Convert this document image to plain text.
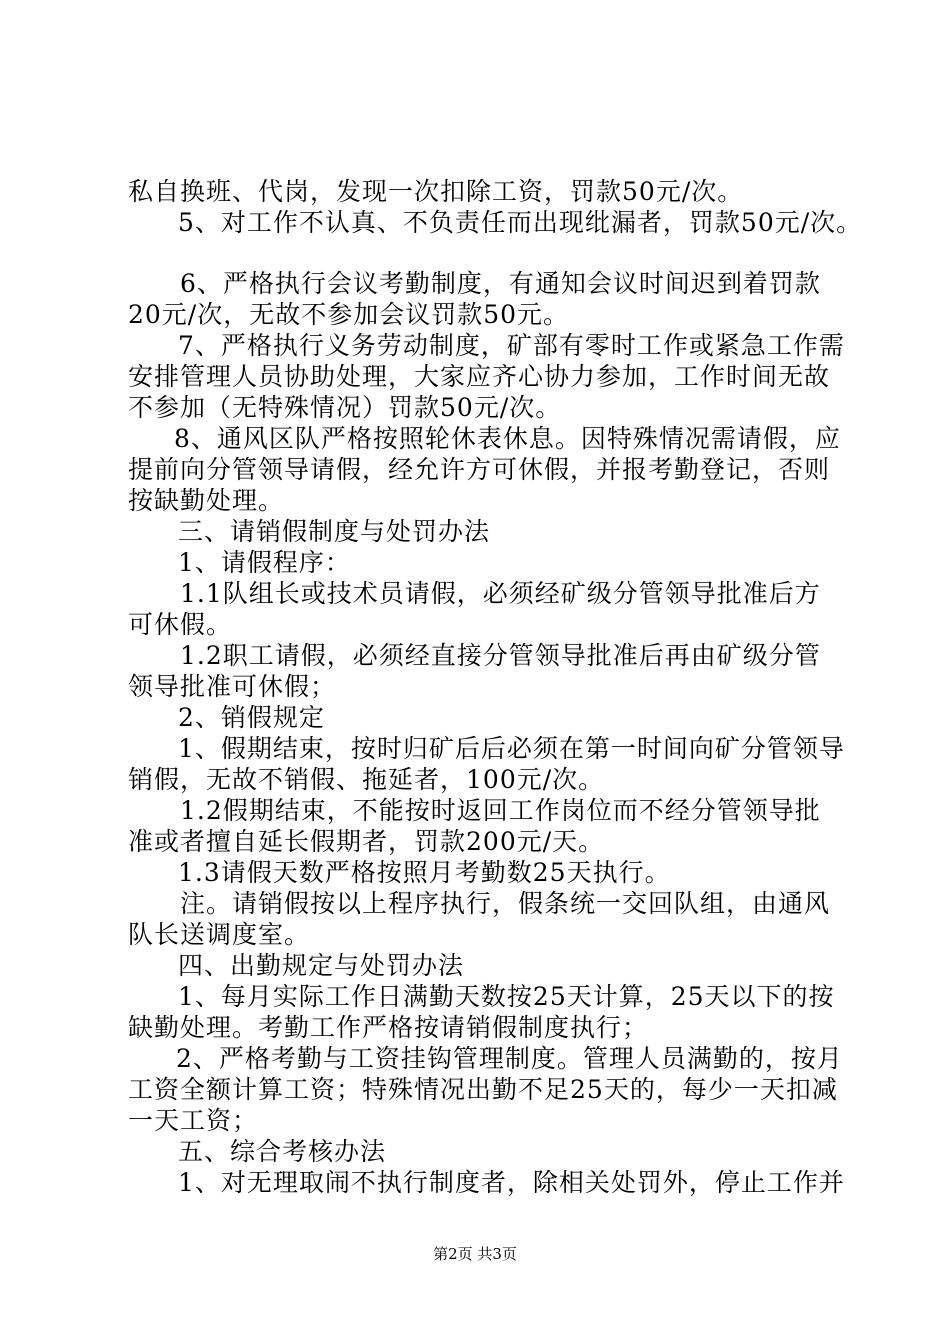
私自换班、代岗，发现一次扣除工资，罚款50元/次。
5、对工作不认真、不负责任而出现纰漏者，罚款50元/次。
6、严格执行会议考勤制度，有通知会议时间迟到着罚款
20元/次，无故不参加会议罚款50元。
7、严格执行义务劳动制度，矿部有零时工作或紧急工作需
安排管理人员协助处理，大家应齐心协力参加，工作时间无故
不参加（无特殊情况）罚款50元/次。
8、通风区队严格按照轮休表休息。因特殊情况需请假，应
提前向分管领导请假，经允许方可休假，并报考勤登记，否则
按缺勤处理。
三、请销假制度与处罚办法
1、请假程序：
1.1队组长或技术员请假，必须经矿级分管领导批准后方
可休假。
1.2职工请假，必须经直接分管领导批准后再由矿级分管
领导批准可休假；
2、销假规定
1、假期结束，按时归矿后后必须在第一时间向矿分管领导
销假，无故不销假、拖延者，100元/次。
1.2假期结束，不能按时返回工作岗位而不经分管领导批
准或者擅自延长假期者，罚款200元/天。
1.3请假天数严格按照月考勤数25天执行。
注。请销假按以上程序执行，假条统一交回队组，由通风
队长送调度室。
四、出勤规定与处罚办法
1、每月实际工作日满勤天数按25天计算，25天以下的按
缺勤处理。考勤工作严格按请销假制度执行；
2、严格考勤与工资挂钩管理制度。管理人员满勤的，按月
工资全额计算工资；特殊情况出勤不足25天的，每少一天扣减
一天工资；
五、综合考核办法
1、对无理取闹不执行制度者，除相关处罚外，停止工作并
第2页 共3页
